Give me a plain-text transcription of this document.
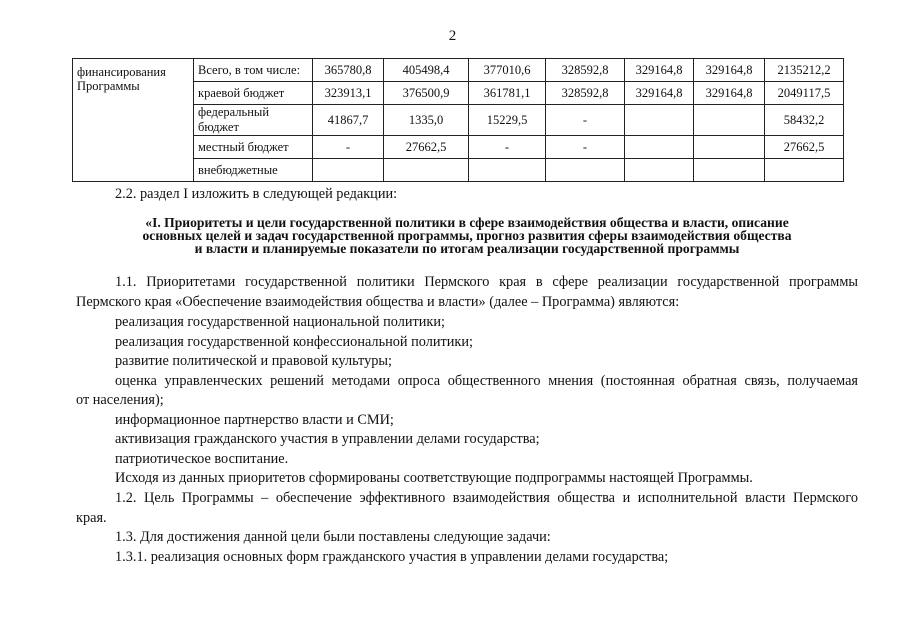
2
финансирования
Программы	Всего, в том числе:	365780,8	405498,4	377010,6	328592,8	329164,8	329164,8	2135212,2
	краевой бюджет	323913,1	376500,9	361781,1	328592,8	329164,8	329164,8	2049117,5
	федеральный бюджет	41867,7	1335,0	15229,5	-			58432,2
	местный бюджет	-	27662,5	-	-			27662,5
	внебюджетные							
2.2. раздел I изложить в следующей редакции:
«I. Приоритеты и цели государственной политики в сфере взаимодействия общества и власти, описание
основных целей и задач государственной программы, прогноз развития сферы взаимодействия общества
и власти и планируемые показатели по итогам реализации государственной программы
1.1. Приоритетами государственной политики Пермского края в сфере реализации государственной программы
Пермского края «Обеспечение взаимодействия общества и власти» (далее – Программа) являются:
реализация государственной национальной политики;
реализация государственной конфессиональной политики;
развитие политической и правовой культуры;
оценка управленческих решений методами опроса общественного мнения (постоянная обратная связь, получаемая
от населения);
информационное партнерство власти и СМИ;
активизация гражданского участия в управлении делами государства;
патриотическое воспитание.
Исходя из данных приоритетов сформированы соответствующие подпрограммы настоящей Программы.
1.2. Цель Программы – обеспечение эффективного взаимодействия общества и исполнительной власти Пермского
края.
1.3. Для достижения данной цели были поставлены следующие задачи:
1.3.1. реализация основных форм гражданского участия в управлении делами государства;
